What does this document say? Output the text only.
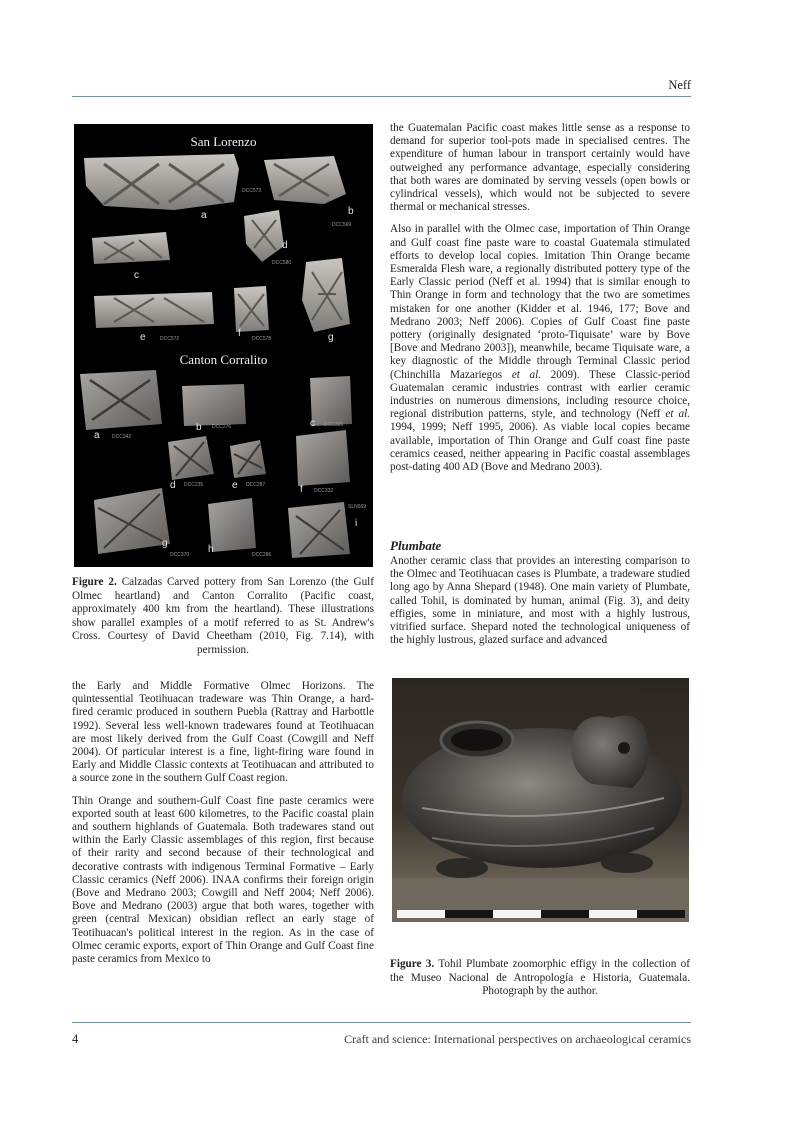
Neff
San Lorenzo
Canton Corralito
a	b
c
d
e	f	g
DCC573
DCC569
DCC580
DCC572	DCC578
a
b	c
d	e	f
g
h
i
DCC342
DCC276	DCC300
DCC235	DCC287
DCC332
SLN569
DCC370	DCC286
Figure 2. Calzadas Carved pottery from San Lorenzo (the Gulf Olmec heartland) and Canton Corralito (Pacific coast, approximately 400 km from the heartland). These illustrations show parallel examples of a motif referred to as St. Andrew's Cross. Courtesy of David Cheetham (2010, Fig. 7.14), with permission.

the Guatemalan Pacific coast makes little sense as a response to demand for superior tool-pots made in specialised centres. The expenditure of human labour in transport certainly would have outweighed any performance advantage, especially considering that both wares are dominated by serving vessels (open bowls or cylindrical vessels), which would not be subjected to severe thermal or mechanical stresses.

Also in parallel with the Olmec case, importation of Thin Orange and Gulf coast fine paste ware to coastal Guatemala stimulated efforts to develop local copies. Imitation Thin Orange became Esmeralda Flesh ware, a regionally distributed pottery type of the Early Classic period (Neff et al. 1994) that is similar enough to Thin Orange in form and technology that the two are sometimes mistaken for one another (Kidder et al. 1946, 177; Bove and Medrano 2003; Neff 2006). Copies of Gulf Coast fine paste pottery (originally designated ‘proto-Tiquisate’ ware by Bove [Bove and Medrano 2003]), meanwhile, became Tiquisate ware, a key diagnostic of the Middle through Terminal Classic period (Chinchilla Mazariegos et al. 2009). These Classic-period Guatemalan ceramic industries contrast with earlier ceramic industries on numerous dimensions, including resource choice, regional distribution patterns, style, and technology (Neff et al. 1994, 1999; Neff 1995, 2006). As viable local copies became available, importation of Thin Orange and Gulf coast fine paste ceramics ceased, neither appearing in Pacific coastal assemblages post-dating 400 AD (Bove and Medrano 2003).

Plumbate

Another ceramic class that provides an interesting comparison to the Olmec and Teotihuacan cases is Plumbate, a tradeware studied long ago by Anna Shepard (1948). One main variety of Plumbate, called Tohil, is dominated by human, animal (Fig. 3), and deity effigies, some in miniature, and most with a highly lustrous, vitrified surface. Shepard noted the technological uniqueness of the highly lustrous, glazed surface and advanced

Figure 3. Tohil Plumbate zoomorphic effigy in the collection of the Museo Nacional de Antropología e Historia, Guatemala. Photograph by the author.

the Early and Middle Formative Olmec Horizons. The quintessential Teotihuacan tradeware was Thin Orange, a hard-fired ceramic produced in southern Puebla (Rattray and Harbottle 1992). Several less well-known tradewares found at Teotihuacan are most likely derived from the Gulf Coast (Cowgill and Neff 2004). Of particular interest is a fine, light-firing ware found in Early and Middle Classic contexts at Teotihuacan and attributed to a source zone in the southern Gulf Coast region.

Thin Orange and southern-Gulf Coast fine paste ceramics were exported south at least 600 kilometres, to the Pacific coastal plain and southern highlands of Guatemala. Both tradewares stand out within the Early Classic assemblages of this region, first because of their rarity and second because of their technological and decorative contrasts with indigenous Terminal Formative – Early Classic ceramics (Neff 2006). INAA confirms their foreign origin (Bove and Medrano 2003; Cowgill and Neff 2004; Neff 2006). Bove and Medrano (2003) argue that both wares, together with green (central Mexican) obsidian reflect an early stage of Teotihuacan's political interest in the region. As in the case of Olmec ceramic exports, export of Thin Orange and Gulf Coast fine paste ceramics from Mexico to

4	Craft and science: International perspectives on archaeological ceramics
